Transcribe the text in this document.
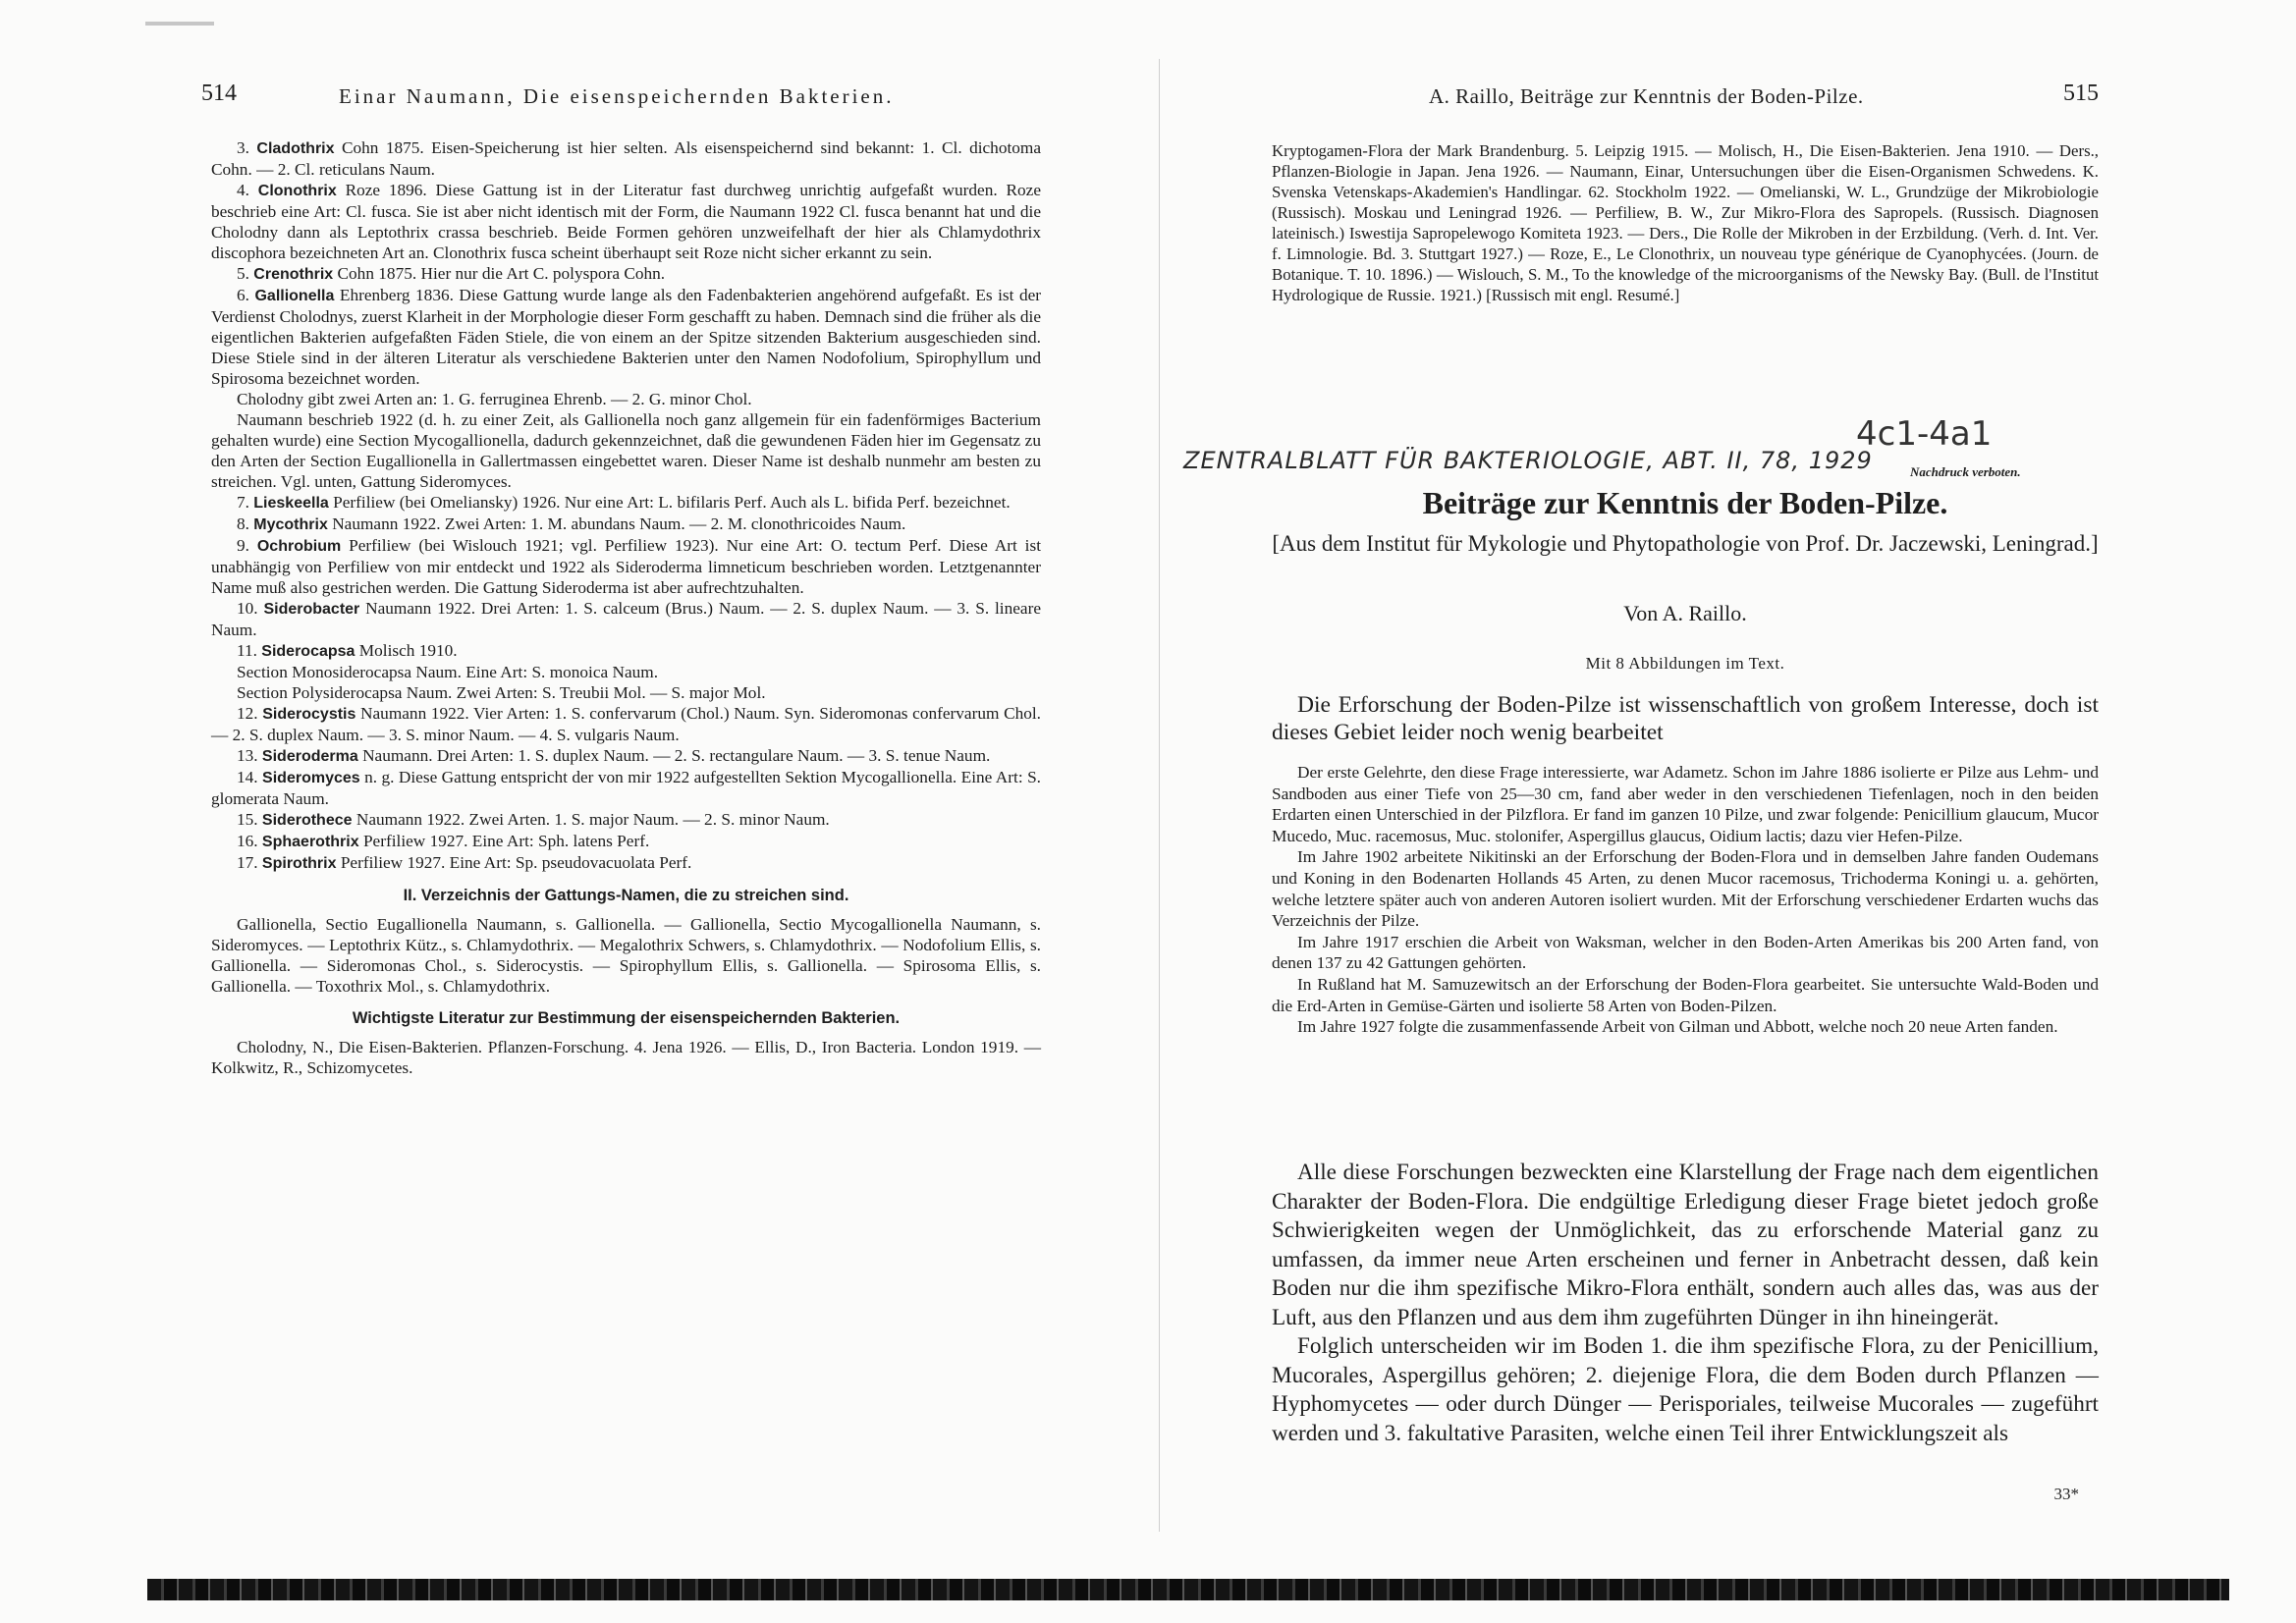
514	Einar Naumann, Die eisenspeichernden Bakterien.

3. Cladothrix Cohn 1875. Eisen-Speicherung ist hier selten. Als eisenspeichernd sind bekannt: 1. Cl. dichotoma Cohn. — 2. Cl. reticulans Naum.

4. Clonothrix Roze 1896. Diese Gattung ist in der Literatur fast durchweg unrichtig aufgefaßt wurden. Roze beschrieb eine Art: Cl. fusca. Sie ist aber nicht identisch mit der Form, die Naumann 1922 Cl. fusca benannt hat und die Cholodny dann als Leptothrix crassa beschrieb. Beide Formen gehören unzweifelhaft der hier als Chlamydothrix discophora bezeichneten Art an. Clonothrix fusca scheint überhaupt seit Roze nicht sicher erkannt zu sein.

5. Crenothrix Cohn 1875. Hier nur die Art C. polyspora Cohn.

6. Gallionella Ehrenberg 1836. Diese Gattung wurde lange als den Fadenbakterien angehörend aufgefaßt. Es ist der Verdienst Cholodnys, zuerst Klarheit in der Morphologie dieser Form geschafft zu haben. Demnach sind die früher als die eigentlichen Bakterien aufgefaßten Fäden Stiele, die von einem an der Spitze sitzenden Bakterium ausgeschieden sind. Diese Stiele sind in der älteren Literatur als verschiedene Bakterien unter den Namen Nodofolium, Spirophyllum und Spirosoma bezeichnet worden.

Cholodny gibt zwei Arten an: 1. G. ferruginea Ehrenb. — 2. G. minor Chol.

Naumann beschrieb 1922 (d. h. zu einer Zeit, als Gallionella noch ganz allgemein für ein fadenförmiges Bacterium gehalten wurde) eine Section Mycogallionella, dadurch gekennzeichnet, daß die gewundenen Fäden hier im Gegensatz zu den Arten der Section Eugallionella in Gallertmassen eingebettet waren. Dieser Name ist deshalb nunmehr am besten zu streichen. Vgl. unten, Gattung Sideromyces.

7. Lieskeella Perfiliew (bei Omeliansky) 1926. Nur eine Art: L. bifilaris Perf. Auch als L. bifida Perf. bezeichnet.

8. Mycothrix Naumann 1922. Zwei Arten: 1. M. abundans Naum. — 2. M. clonothricoides Naum.

9. Ochrobium Perfiliew (bei Wislouch 1921; vgl. Perfiliew 1923). Nur eine Art: O. tectum Perf. Diese Art ist unabhängig von Perfiliew von mir entdeckt und 1922 als Sideroderma limneticum beschrieben worden. Letztgenannter Name muß also gestrichen werden. Die Gattung Sideroderma ist aber aufrechtzuhalten.

10. Siderobacter Naumann 1922. Drei Arten: 1. S. calceum (Brus.) Naum. — 2. S. duplex Naum. — 3. S. lineare Naum.

11. Siderocapsa Molisch 1910.

Section Monosiderocapsa Naum. Eine Art: S. monoica Naum.

Section Polysiderocapsa Naum. Zwei Arten: S. Treubii Mol. — S. major Mol.

12. Siderocystis Naumann 1922. Vier Arten: 1. S. confervarum (Chol.) Naum. Syn. Sideromonas confervarum Chol. — 2. S. duplex Naum. — 3. S. minor Naum. — 4. S. vulgaris Naum.

13. Sideroderma Naumann. Drei Arten: 1. S. duplex Naum. — 2. S. rectangulare Naum. — 3. S. tenue Naum.

14. Sideromyces n. g. Diese Gattung entspricht der von mir 1922 aufgestellten Sektion Mycogallionella. Eine Art: S. glomerata Naum.

15. Siderothece Naumann 1922. Zwei Arten. 1. S. major Naum. — 2. S. minor Naum.

16. Sphaerothrix Perfiliew 1927. Eine Art: Sph. latens Perf.

17. Spirothrix Perfiliew 1927. Eine Art: Sp. pseudovacuolata Perf.

II. Verzeichnis der Gattungs-Namen, die zu streichen sind.

Gallionella, Sectio Eugallionella Naumann, s. Gallionella. — Gallionella, Sectio Mycogallionella Naumann, s. Sideromyces. — Leptothrix Kütz., s. Chlamydothrix. — Megalothrix Schwers, s. Chlamydothrix. — Nodofolium Ellis, s. Gallionella. — Sideromonas Chol., s. Siderocystis. — Spirophyllum Ellis, s. Gallionella. — Spirosoma Ellis, s. Gallionella. — Toxothrix Mol., s. Chlamydothrix.

Wichtigste Literatur zur Bestimmung der eisenspeichernden Bakterien.

Cholodny, N., Die Eisen-Bakterien. Pflanzen-Forschung. 4. Jena 1926. — Ellis, D., Iron Bacteria. London 1919. — Kolkwitz, R., Schizomycetes.

A. Raillo, Beiträge zur Kenntnis der Boden-Pilze.	515

Kryptogamen-Flora der Mark Brandenburg. 5. Leipzig 1915. — Molisch, H., Die Eisen-Bakterien. Jena 1910. — Ders., Pflanzen-Biologie in Japan. Jena 1926. — Naumann, Einar, Untersuchungen über die Eisen-Organismen Schwedens. K. Svenska Vetenskaps-Akademien's Handlingar. 62. Stockholm 1922. — Omelianski, W. L., Grundzüge der Mikrobiologie (Russisch). Moskau und Leningrad 1926. — Perfiliew, B. W., Zur Mikro-Flora des Sapropels. (Russisch. Diagnosen lateinisch.) Iswestija Sapropelewogo Komiteta 1923. — Ders., Die Rolle der Mikroben in der Erzbildung. (Verh. d. Int. Ver. f. Limnologie. Bd. 3. Stuttgart 1927.) — Roze, E., Le Clonothrix, un nouveau type générique de Cyanophycées. (Journ. de Botanique. T. 10. 1896.) — Wislouch, S. M., To the knowledge of the microorganisms of the Newsky Bay. (Bull. de l'Institut Hydrologique de Russie. 1921.) [Russisch mit engl. Resumé.]

4c1-4a1
ZENTRALBLATT FÜR BAKTERIOLOGIE, ABT. II, 78, 1929	Nachdruck verboten.
Beiträge zur Kenntnis der Boden-Pilze.
[Aus dem Institut für Mykologie und Phytopathologie von Prof. Dr. Jaczewski, Leningrad.]
Von A. Raillo.
Mit 8 Abbildungen im Text.

Die Erforschung der Boden-Pilze ist wissenschaftlich von großem Interesse, doch ist dieses Gebiet leider noch wenig bearbeitet

Der erste Gelehrte, den diese Frage interessierte, war Adametz. Schon im Jahre 1886 isolierte er Pilze aus Lehm- und Sandboden aus einer Tiefe von 25—30 cm, fand aber weder in den verschiedenen Tiefenlagen, noch in den beiden Erdarten einen Unterschied in der Pilzflora. Er fand im ganzen 10 Pilze, und zwar folgende: Penicillium glaucum, Mucor Mucedo, Muc. racemosus, Muc. stolonifer, Aspergillus glaucus, Oidium lactis; dazu vier Hefen-Pilze.

Im Jahre 1902 arbeitete Nikitinski an der Erforschung der Boden-Flora und in demselben Jahre fanden Oudemans und Koning in den Bodenarten Hollands 45 Arten, zu denen Mucor racemosus, Trichoderma Koningi u. a. gehörten, welche letztere später auch von anderen Autoren isoliert wurden. Mit der Erforschung verschiedener Erdarten wuchs das Verzeichnis der Pilze.

Im Jahre 1917 erschien die Arbeit von Waksman, welcher in den Boden-Arten Amerikas bis 200 Arten fand, von denen 137 zu 42 Gattungen gehörten.

In Rußland hat M. Samuzewitsch an der Erforschung der Boden-Flora gearbeitet. Sie untersuchte Wald-Boden und die Erd-Arten in Gemüse-Gärten und isolierte 58 Arten von Boden-Pilzen.

Im Jahre 1927 folgte die zusammenfassende Arbeit von Gilman und Abbott, welche noch 20 neue Arten fanden.

Alle diese Forschungen bezweckten eine Klarstellung der Frage nach dem eigentlichen Charakter der Boden-Flora. Die endgültige Erledigung dieser Frage bietet jedoch große Schwierigkeiten wegen der Unmöglichkeit, das zu erforschende Material ganz zu umfassen, da immer neue Arten erscheinen und ferner in Anbetracht dessen, daß kein Boden nur die ihm spezifische Mikro-Flora enthält, sondern auch alles das, was aus der Luft, aus den Pflanzen und aus dem ihm zugeführten Dünger in ihn hineingerät.

Folglich unterscheiden wir im Boden 1. die ihm spezifische Flora, zu der Penicillium, Mucorales, Aspergillus gehören; 2. diejenige Flora, die dem Boden durch Pflanzen — Hyphomycetes — oder durch Dünger — Perisporiales, teilweise Mucorales — zugeführt werden und 3. fakultative Parasiten, welche einen Teil ihrer Entwicklungszeit als

33*
